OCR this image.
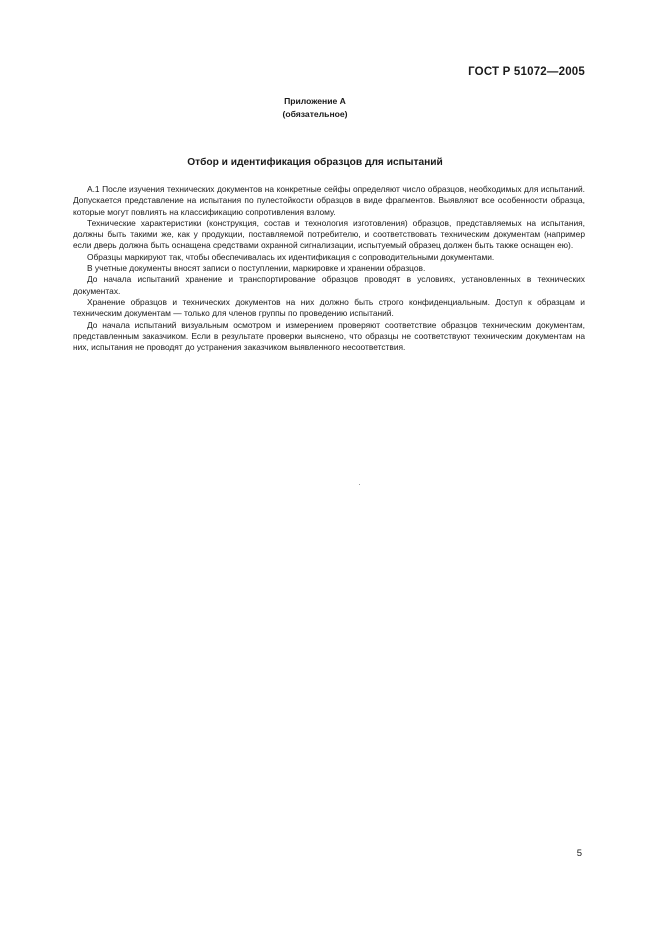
ГОСТ Р 51072—2005
Приложение А
(обязательное)
Отбор и идентификация образцов для испытаний

А.1 После изучения технических документов на конкретные сейфы определяют число образцов, необходимых для испытаний. Допускается представление на испытания по пулестойкости образцов в виде фрагментов. Выявляют все особенности образца, которые могут повлиять на классификацию сопротивления взлому.

Технические характеристики (конструкция, состав и технология изготовления) образцов, представляемых на испытания, должны быть такими же, как у продукции, поставляемой потребителю, и соответствовать техническим документам (например если дверь должна быть оснащена средствами охранной сигнализации, испытуемый образец должен быть также оснащен ею).

Образцы маркируют так, чтобы обеспечивалась их идентификация с сопроводительными документами.

В учетные документы вносят записи о поступлении, маркировке и хранении образцов.

До начала испытаний хранение и транспортирование образцов проводят в условиях, установленных в технических документах.

Хранение образцов и технических документов на них должно быть строго конфиденциальным. Доступ к образцам и техническим документам — только для членов группы по проведению испытаний.

До начала испытаний визуальным осмотром и измерением проверяют соответствие образцов техническим документам, представленным заказчиком. Если в результате проверки выяснено, что образцы не соответствуют техническим документам на них, испытания не проводят до устранения заказчиком выявленного несоответствия.

5
